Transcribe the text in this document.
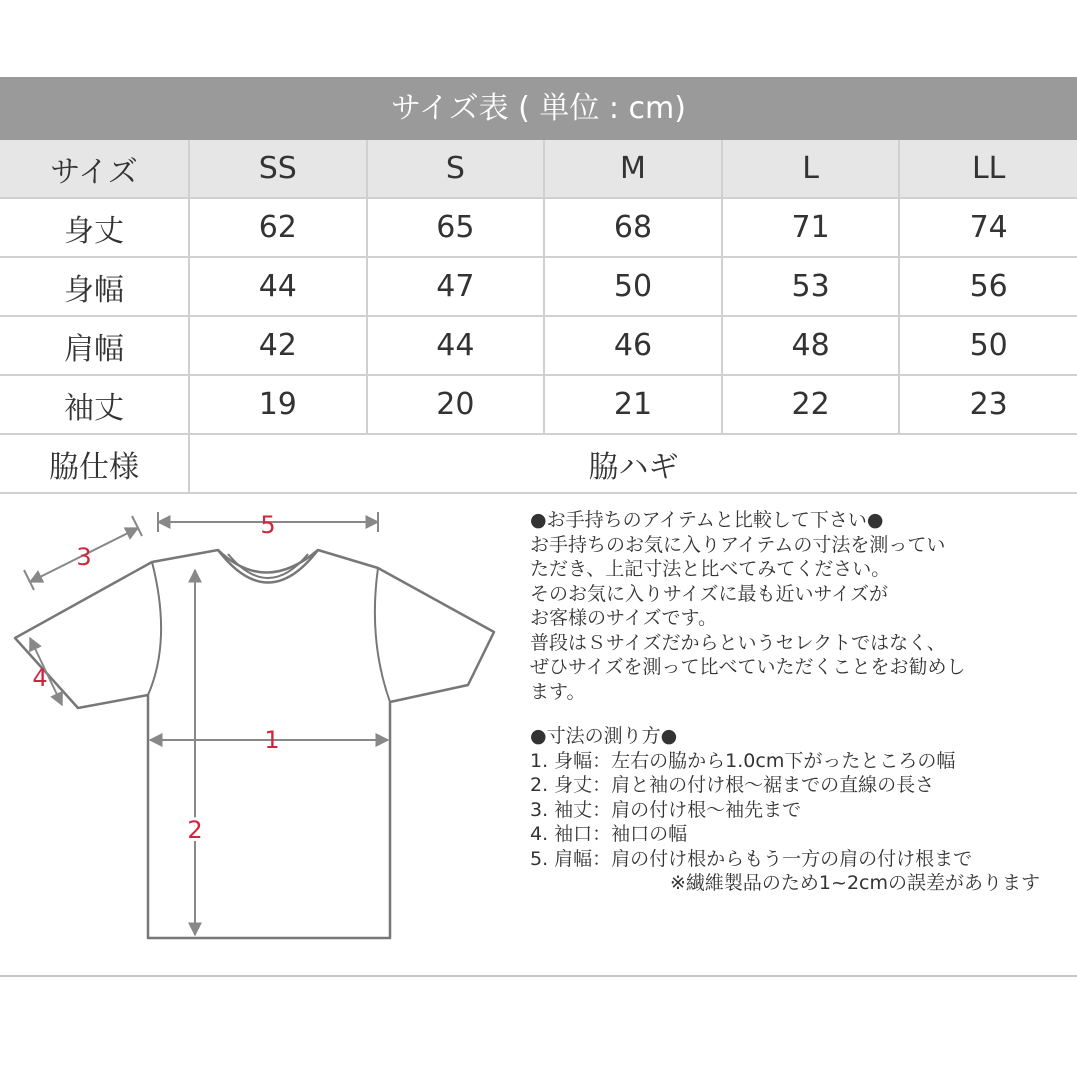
サイズ表 ( 単位 : cm)
サイズ	SS	S	M	L	LL
身丈	62	65	68	71	74
身幅	44	47	50	53	56
肩幅	42	44	46	48	50
袖丈	19	20	21	22	23
脇仕様	脇ハギ				
5
3
4
1
2

●お手持ちのアイテムと比較して下さい●

お手持ちのお気に入りアイテムの寸法を測ってい

ただき、上記寸法と比べてみてください。

そのお気に入りサイズに最も近いサイズが

お客様のサイズです。

普段はＳサイズだからというセレクトではなく、

ぜひサイズを測って比べていただくことをお勧めし

ます。

●寸法の測り方●

1. 身幅：左右の脇から1.0cm下がったところの幅

2. 身丈：肩と袖の付け根～裾までの直線の長さ

3. 袖丈：肩の付け根～袖先まで

4. 袖口：袖口の幅

5. 肩幅：肩の付け根からもう一方の肩の付け根まで

※繊維製品のため1~2cmの誤差があります
